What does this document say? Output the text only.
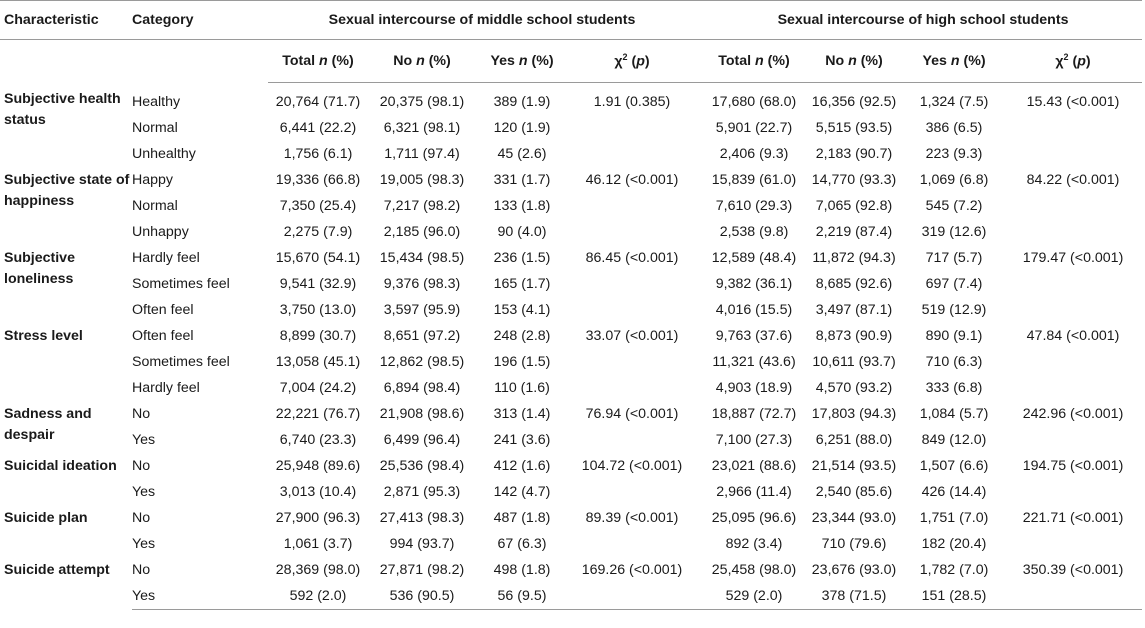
Characteristic	Category	Sexual intercourse of middle school students					Sexual intercourse of high school students			
		Total n (%)	No n (%)	Yes n (%)	$\chi^2$ (p)		Total n (%)	No n (%)	Yes n (%)	$\chi^2$ (p)
Subjective health status	Healthy	20,764 (71.7)	20,375 (98.1)	389 (1.9)	1.91 (0.385)		17,680 (68.0)	16,356 (92.5)	1,324 (7.5)	15.43 (<0.001)
	Normal	6,441 (22.2)	6,321 (98.1)	120 (1.9)			5,901 (22.7)	5,515 (93.5)	386 (6.5)	
	Unhealthy	1,756 (6.1)	1,711 (97.4)	45 (2.6)			2,406 (9.3)	2,183 (90.7)	223 (9.3)	
Subjective state of happiness	Happy	19,336 (66.8)	19,005 (98.3)	331 (1.7)	46.12 (<0.001)		15,839 (61.0)	14,770 (93.3)	1,069 (6.8)	84.22 (<0.001)
	Normal	7,350 (25.4)	7,217 (98.2)	133 (1.8)			7,610 (29.3)	7,065 (92.8)	545 (7.2)	
	Unhappy	2,275 (7.9)	2,185 (96.0)	90 (4.0)			2,538 (9.8)	2,219 (87.4)	319 (12.6)	
Subjective loneliness	Hardly feel	15,670 (54.1)	15,434 (98.5)	236 (1.5)	86.45 (<0.001)		12,589 (48.4)	11,872 (94.3)	717 (5.7)	179.47 (<0.001)
	Sometimes feel	9,541 (32.9)	9,376 (98.3)	165 (1.7)			9,382 (36.1)	8,685 (92.6)	697 (7.4)	
	Often feel	3,750 (13.0)	3,597 (95.9)	153 (4.1)			4,016 (15.5)	3,497 (87.1)	519 (12.9)	
Stress level	Often feel	8,899 (30.7)	8,651 (97.2)	248 (2.8)	33.07 (<0.001)		9,763 (37.6)	8,873 (90.9)	890 (9.1)	47.84 (<0.001)
	Sometimes feel	13,058 (45.1)	12,862 (98.5)	196 (1.5)			11,321 (43.6)	10,611 (93.7)	710 (6.3)	
	Hardly feel	7,004 (24.2)	6,894 (98.4)	110 (1.6)			4,903 (18.9)	4,570 (93.2)	333 (6.8)	
Sadness and despair	No	22,221 (76.7)	21,908 (98.6)	313 (1.4)	76.94 (<0.001)		18,887 (72.7)	17,803 (94.3)	1,084 (5.7)	242.96 (<0.001)
	Yes	6,740 (23.3)	6,499 (96.4)	241 (3.6)			7,100 (27.3)	6,251 (88.0)	849 (12.0)	
Suicidal ideation	No	25,948 (89.6)	25,536 (98.4)	412 (1.6)	104.72 (<0.001)		23,021 (88.6)	21,514 (93.5)	1,507 (6.6)	194.75 (<0.001)
	Yes	3,013 (10.4)	2,871 (95.3)	142 (4.7)			2,966 (11.4)	2,540 (85.6)	426 (14.4)	
Suicide plan	No	27,900 (96.3)	27,413 (98.3)	487 (1.8)	89.39 (<0.001)		25,095 (96.6)	23,344 (93.0)	1,751 (7.0)	221.71 (<0.001)
	Yes	1,061 (3.7)	994 (93.7)	67 (6.3)			892 (3.4)	710 (79.6)	182 (20.4)	
Suicide attempt	No	28,369 (98.0)	27,871 (98.2)	498 (1.8)	169.26 (<0.001)		25,458 (98.0)	23,676 (93.0)	1,782 (7.0)	350.39 (<0.001)
	Yes	592 (2.0)	536 (90.5)	56 (9.5)			529 (2.0)	378 (71.5)	151 (28.5)	
